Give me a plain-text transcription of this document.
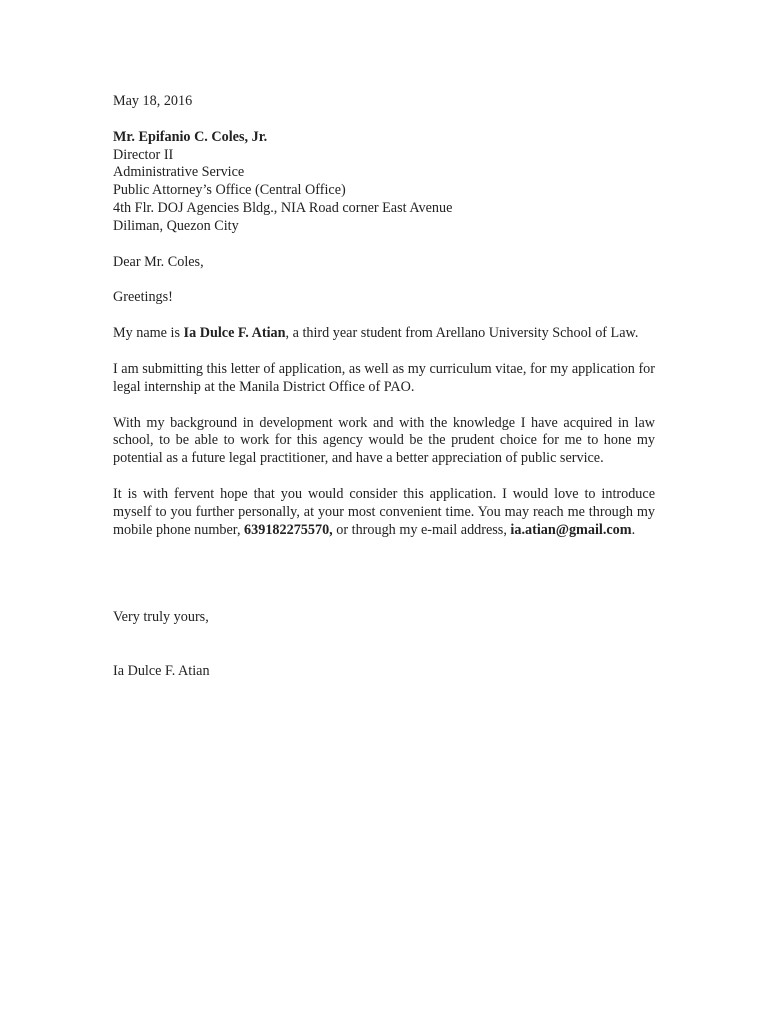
May 18, 2016
Mr. Epifanio C. Coles, Jr.
Director II
Administrative Service
Public Attorney’s Office (Central Office)
4th Flr. DOJ Agencies Bldg., NIA Road corner East Avenue
Diliman, Quezon City
Dear Mr. Coles,
Greetings!

My name is Ia Dulce F. Atian, a third year student from Arellano University School of Law.

I am submitting this letter of application, as well as my curriculum vitae, for my application for legal internship at the Manila District Office of PAO.

With my background in development work and with the knowledge I have acquired in law school, to be able to work for this agency would be the prudent choice for me to hone my potential as a future legal practitioner, and have a better appreciation of public service.

It is with fervent hope that you would consider this application. I would love to introduce myself to you further personally, at your most convenient time. You may reach me through my mobile phone number, 639182275570, or through my e-mail address, ia.atian@gmail.com.

Very truly yours,
Ia Dulce F. Atian
